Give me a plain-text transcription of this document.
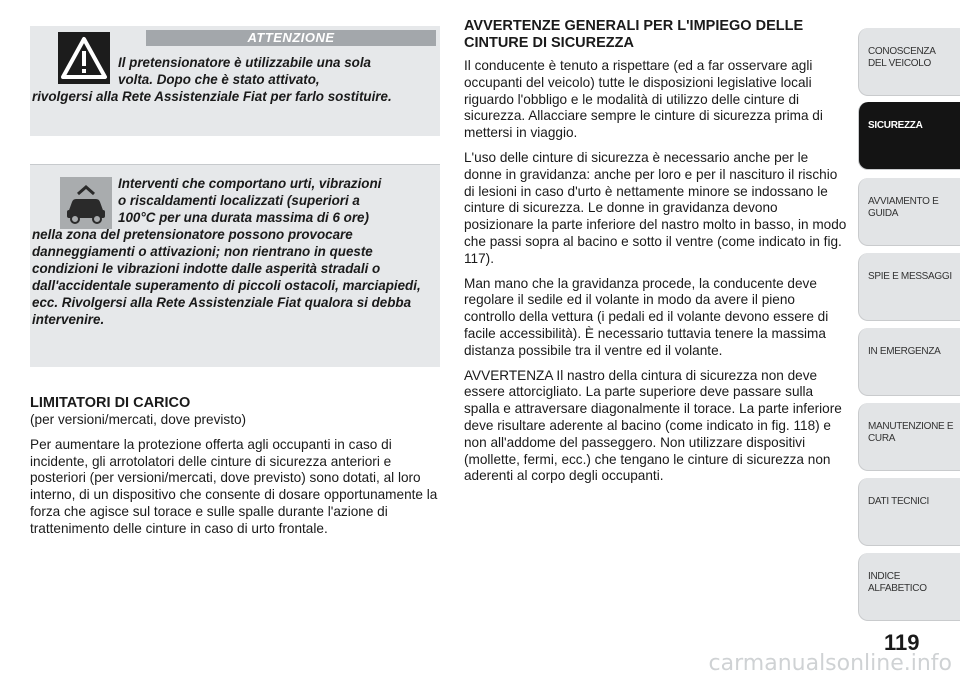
ATTENZIONE
Il pretensionatore è utilizzabile una sola
volta. Dopo che è stato attivato,
rivolgersi alla Rete Assistenziale Fiat per farlo sostituire.
Interventi che comportano urti, vibrazioni
o riscaldamenti localizzati (superiori a
100°C per una durata massima di 6 ore)
nella zona del pretensionatore possono provocare danneggiamenti o attivazioni; non rientrano in queste condizioni le vibrazioni indotte dalle asperità stradali o dall'accidentale superamento di piccoli ostacoli, marciapiedi, ecc. Rivolgersi alla Rete Assistenziale Fiat qualora si debba intervenire.
LIMITATORI DI CARICO

(per versioni/mercati, dove previsto)

Per aumentare la protezione offerta agli occupanti in caso di incidente, gli arrotolatori delle cinture di sicurezza anteriori e posteriori (per versioni/mercati, dove previsto) sono dotati, al loro interno, di un dispositivo che consente di dosare opportunamente la forza che agisce sul torace e sulle spalle durante l'azione di trattenimento delle cinture in caso di urto frontale.

AVVERTENZE GENERALI PER L'IMPIEGO DELLE CINTURE DI SICUREZZA

Il conducente è tenuto a rispettare (ed a far osservare agli occupanti del veicolo) tutte le disposizioni legislative locali riguardo l'obbligo e le modalità di utilizzo delle cinture di sicurezza. Allacciare sempre le cinture di sicurezza prima di mettersi in viaggio.

L'uso delle cinture di sicurezza è necessario anche per le donne in gravidanza: anche per loro e per il nascituro il rischio di lesioni in caso d'urto è nettamente minore se indossano le cinture di sicurezza. Le donne in gravidanza devono posizionare la parte inferiore del nastro molto in basso, in modo che passi sopra al bacino e sotto il ventre (come indicato in fig. 117).

Man mano che la gravidanza procede, la conducente deve regolare il sedile ed il volante in modo da avere il pieno controllo della vettura (i pedali ed il volante devono essere di facile accessibilità). È necessario tuttavia tenere la massima distanza possibile tra il ventre ed il volante.

AVVERTENZA Il nastro della cintura di sicurezza non deve essere attorcigliato. La parte superiore deve passare sulla spalla e attraversare diagonalmente il torace. La parte inferiore deve risultare aderente al bacino (come indicato in fig. 118) e non all'addome del passeggero. Non utilizzare dispositivi (mollette, fermi, ecc.) che tengano le cinture di sicurezza non aderenti al corpo degli occupanti.

CONOSCENZA DEL VEICOLO
SICUREZZA
AVVIAMENTO E GUIDA
SPIE E MESSAGGI
IN EMERGENZA
MANUTENZIONE E CURA
DATI TECNICI
INDICE ALFABETICO
119
carmanualsonline.info
